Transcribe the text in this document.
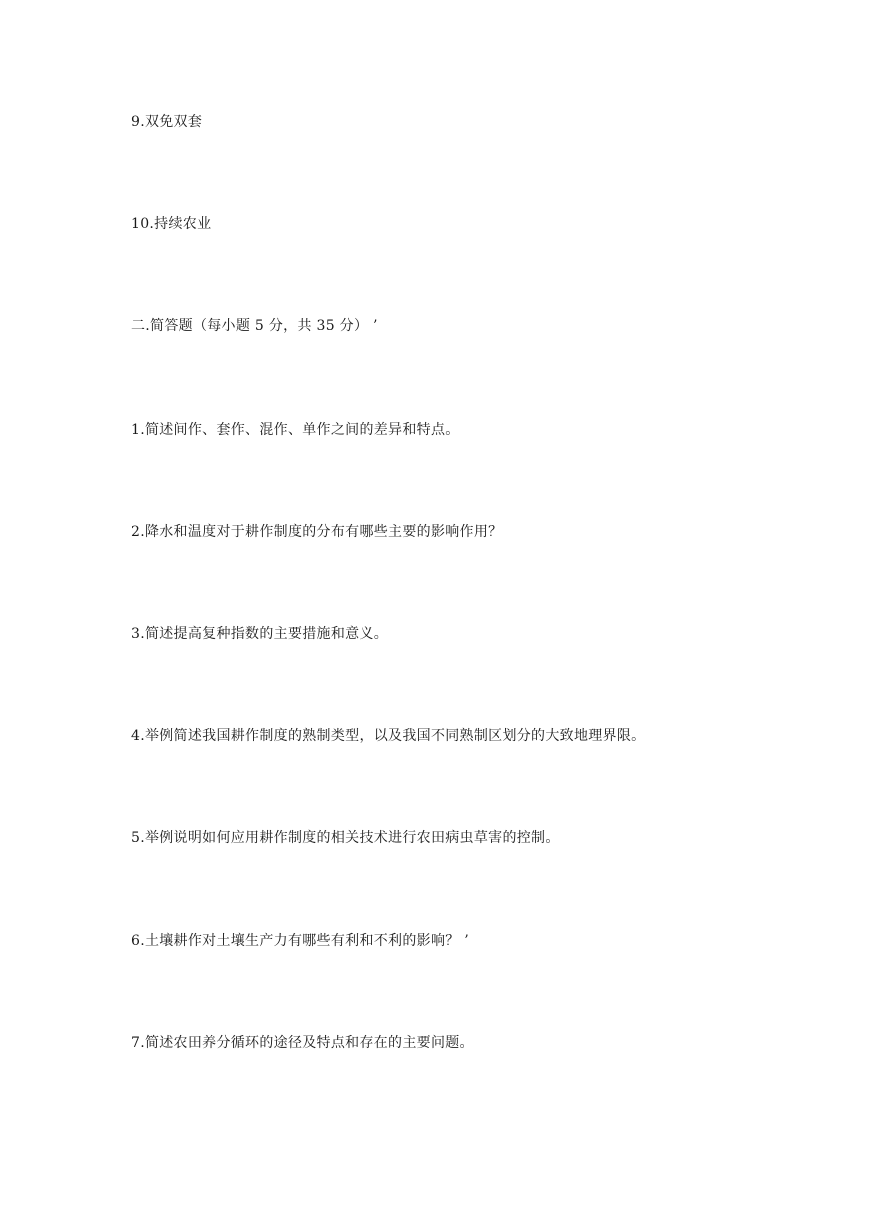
9.双免双套
10.持续农业
二.简答题（每小题 5 分，共 35 分） ’
1.简述间作、套作、混作、单作之间的差异和特点。
2.降水和温度对于耕作制度的分布有哪些主要的影响作用？
3.简述提高复种指数的主要措施和意义。
4.举例简述我国耕作制度的熟制类型，以及我国不同熟制区划分的大致地理界限。
5.举例说明如何应用耕作制度的相关技术进行农田病虫草害的控制。
6.土壤耕作对土壤生产力有哪些有利和不利的影响？ ’
7.简述农田养分循环的途径及特点和存在的主要问题。
